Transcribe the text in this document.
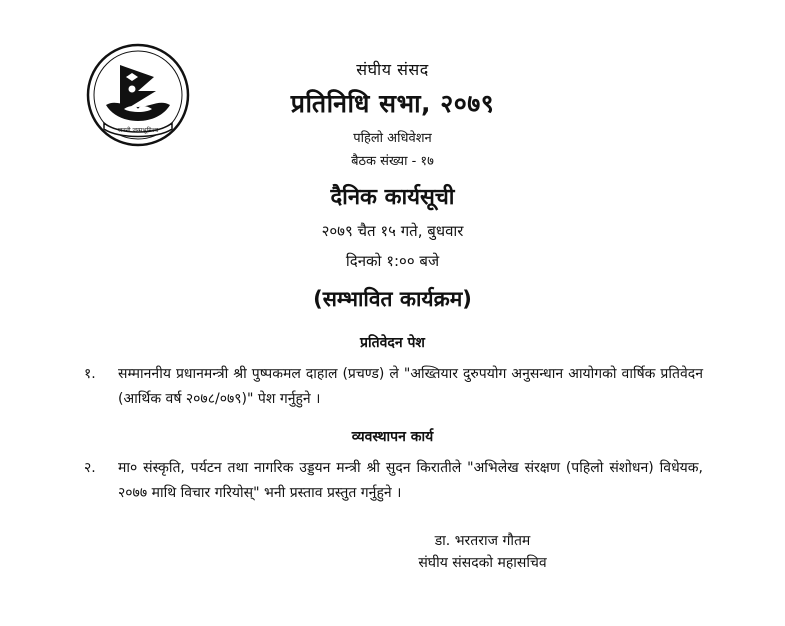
जननी जन्मभूमिश्च
संघीय संसद
प्रतिनिधि सभा, २०७९
पहिलो अधिवेशन
बैठक संख्या - १७
दैनिक कार्यसूची
२०७९ चैत १५ गते, बुधवार
दिनको १:०० बजे
(सम्भावित कार्यक्रम)
प्रतिवेदन पेश
१.	सम्माननीय प्रधानमन्त्री श्री पुष्पकमल दाहाल (प्रचण्ड) ले "अख्तियार दुरुपयोग अनुसन्धान आयोगको वार्षिक प्रतिवेदन (आर्थिक वर्ष २०७८/०७९)" पेश गर्नुहुने ।
व्यवस्थापन कार्य
२.	मा० संस्कृति, पर्यटन तथा नागरिक उड्डयन मन्त्री श्री सुदन किरातीले "अभिलेख संरक्षण (पहिलो संशोधन) विधेयक, २०७७ माथि विचार गरियोस्" भनी प्रस्ताव प्रस्तुत गर्नुहुने ।
डा. भरतराज गौतम
संघीय संसदको महासचिव
